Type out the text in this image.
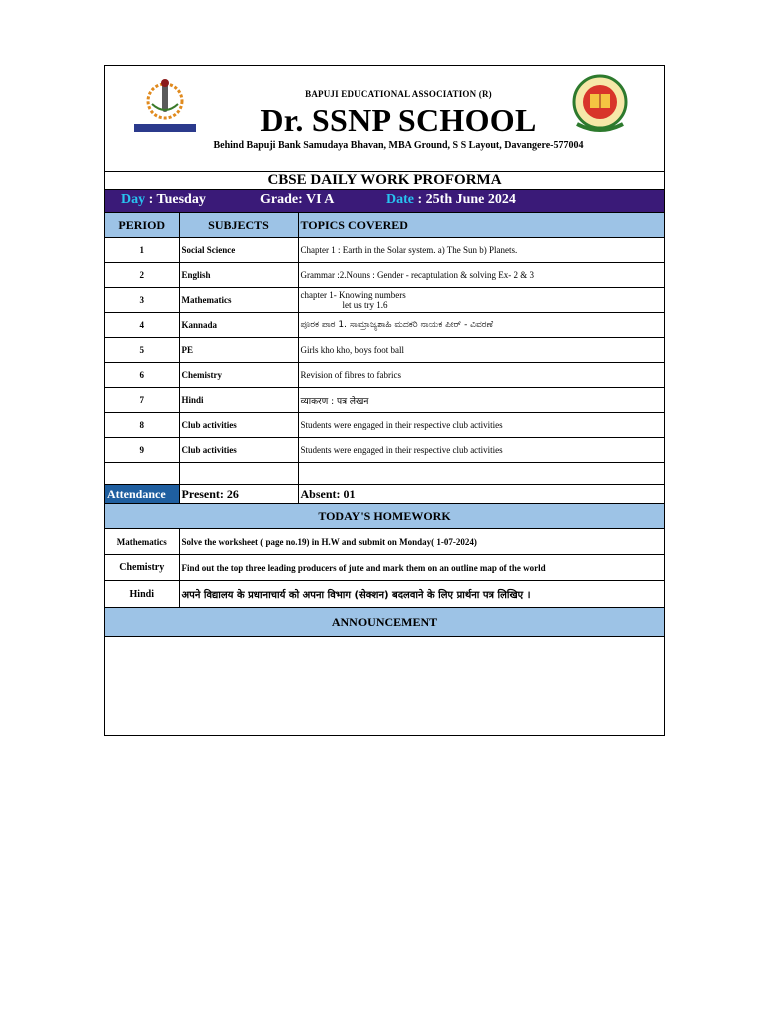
BAPUJI EDUCATIONAL ASSOCIATION (R)
Dr. SSNP SCHOOL
Behind Bapuji Bank Samudaya Bhavan, MBA Ground, S S Layout, Davangere-577004
CBSE DAILY WORK PROFORMA
Day : Tuesday	Grade: VI A	Date : 25th June 2024
PERIOD	SUBJECTS	TOPICS COVERED
1	Social Science	Chapter 1 : Earth in the Solar system. a) The Sun b) Planets.
2	English	Grammar :2.Nouns : Gender - recaptulation & solving Ex- 2 & 3
3	Mathematics	chapter 1- Knowing numbers
let us try 1.6

4	Kannada	ಪೂರಕ ಪಾಠ 1. ಸಾಮ್ರಾಜ್ಯಶಾಹಿ ಮದಕರಿ ನಾಯಕ ಪೀರ್ - ವಿವರಣೆ
5	PE	Girls kho kho, boys foot ball
6	Chemistry	Revision of fibres to fabrics
7	Hindi	व्याकरण : पत्र लेखन
8	Club activities	Students were engaged in their respective club activities
9	Club activities	Students were engaged in their respective club activities

Attendance	Present: 26	Absent: 01
TODAY'S HOMEWORK		
Mathematics	Solve the worksheet ( page no.19) in H.W and submit on Monday( 1-07-2024)	
Chemistry	Find out the top three leading producers of jute and mark them on an outline map of the world	
Hindi	अपने विद्यालय के प्रधानाचार्य को अपना विभाग (सेक्शन) बदलवाने के लिए प्रार्थना पत्र लिखिए ।	
ANNOUNCEMENT		
